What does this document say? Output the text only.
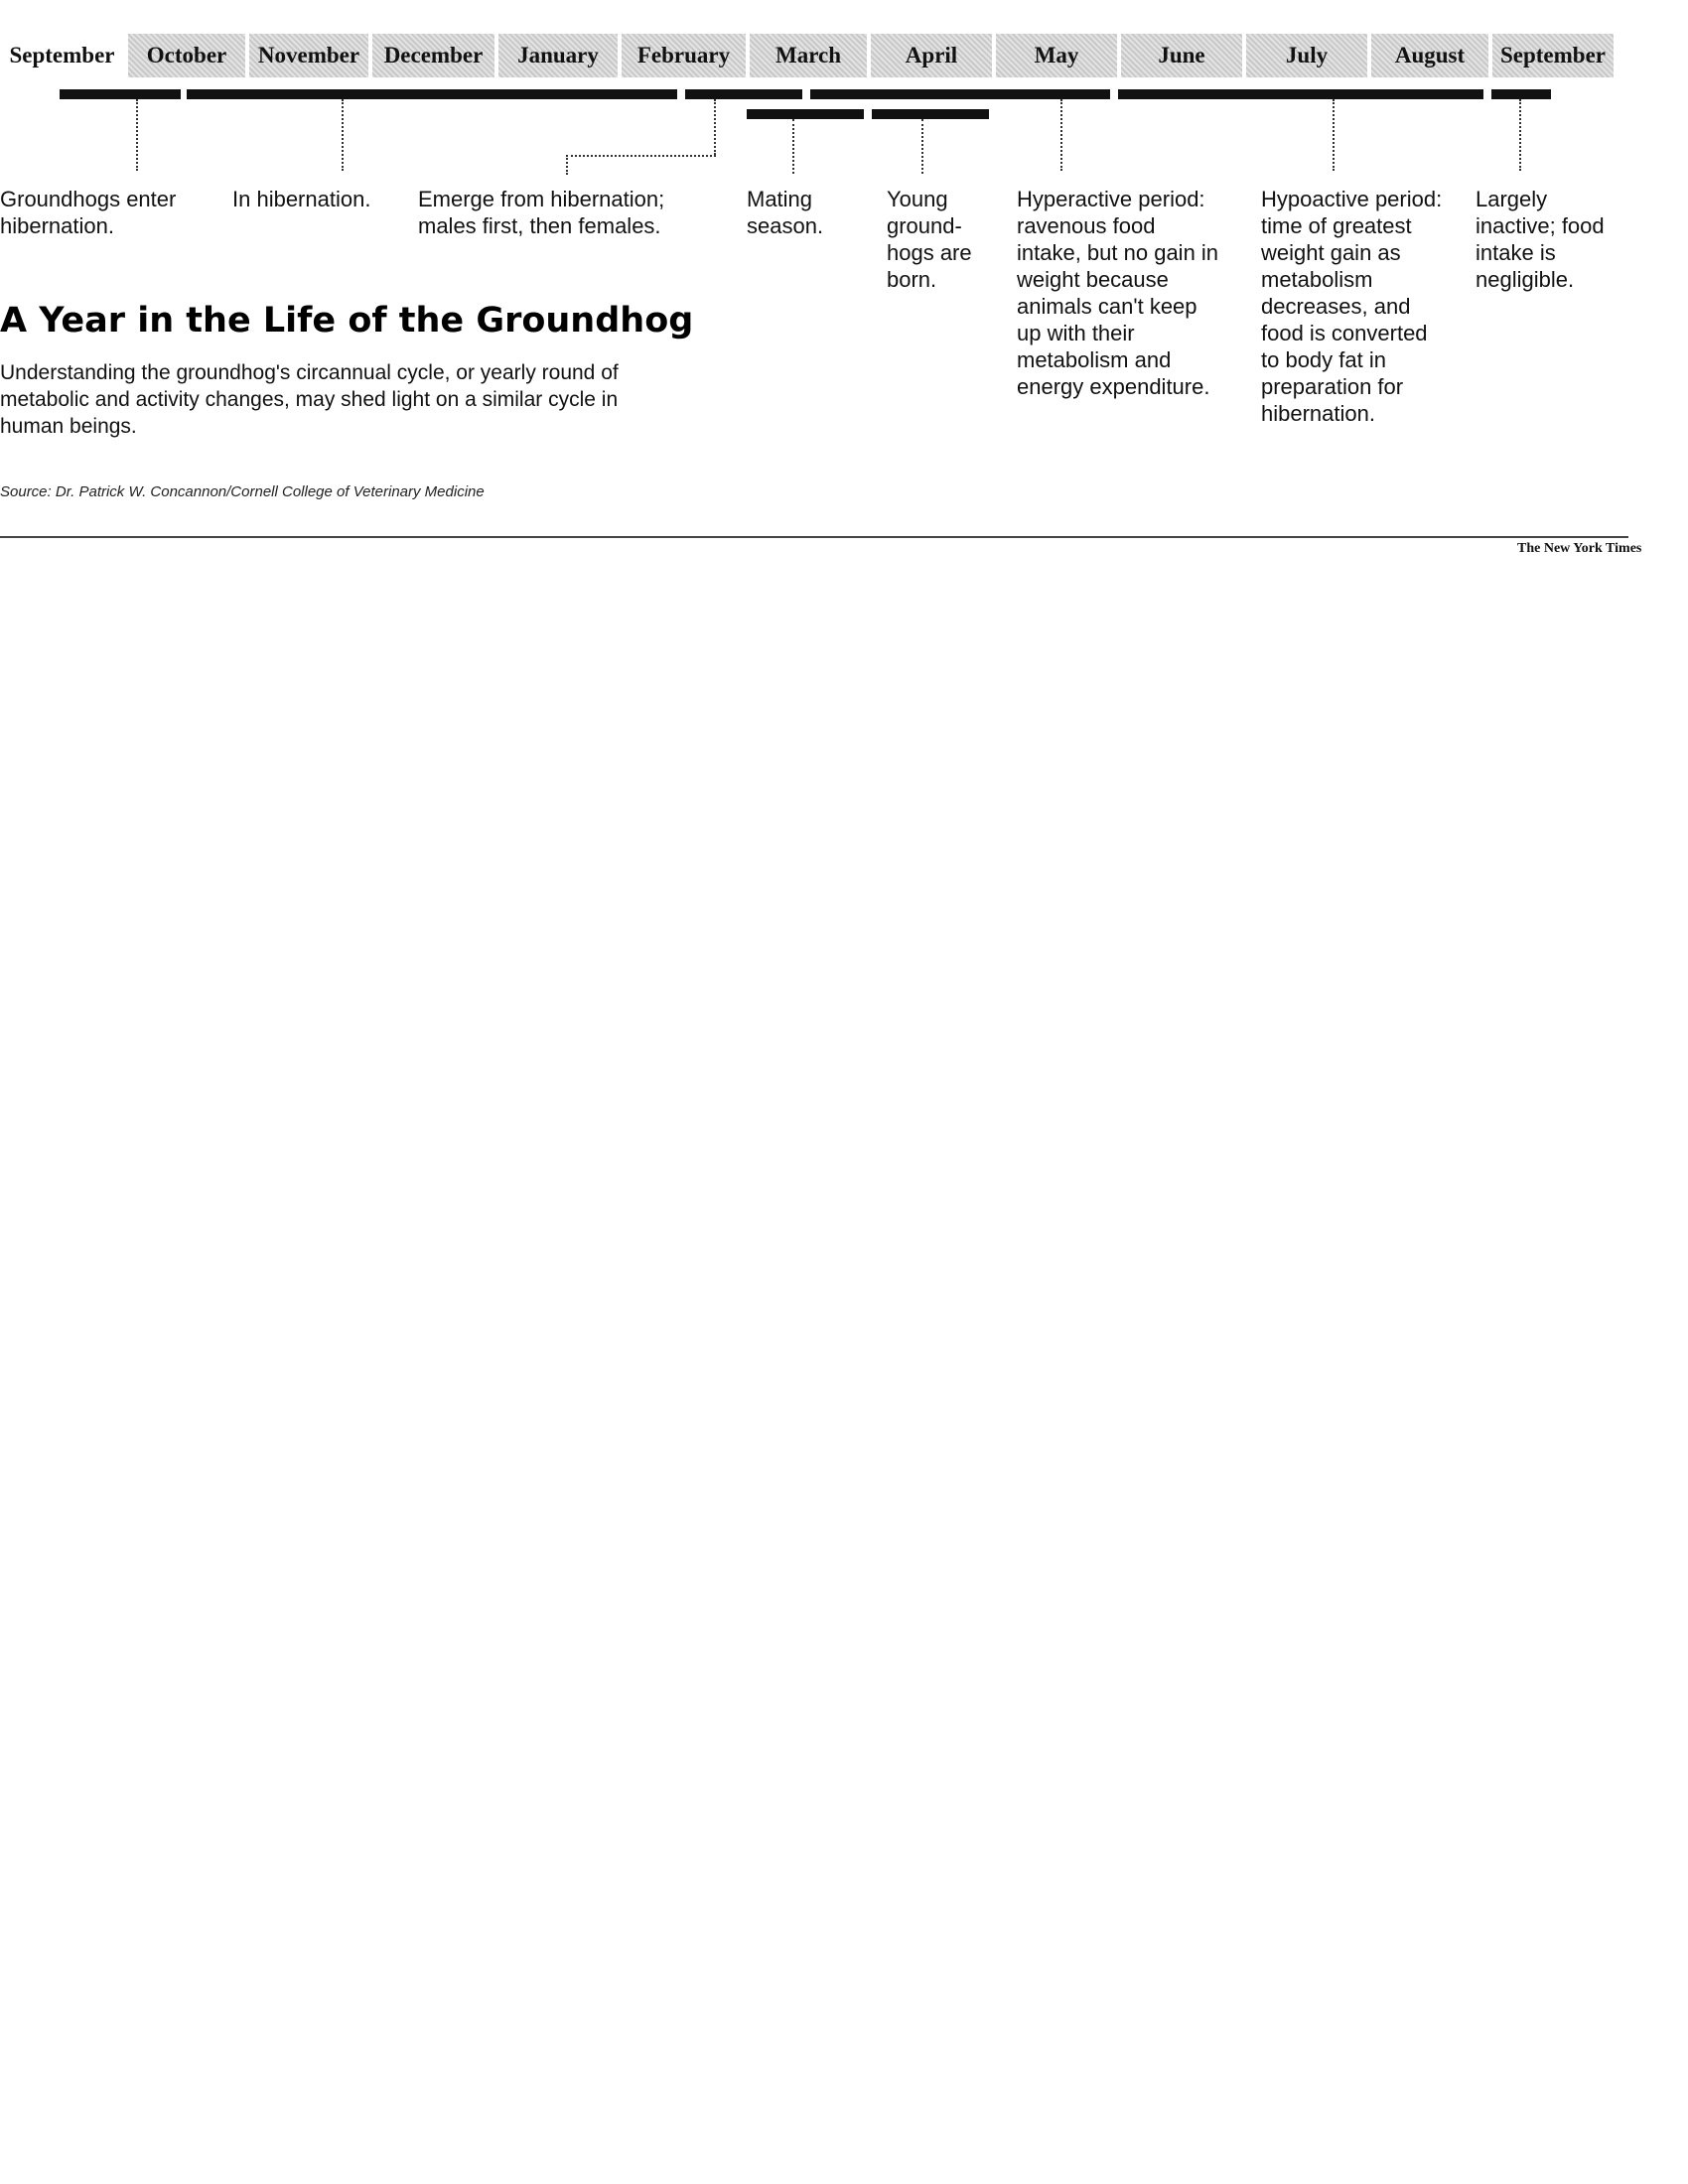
September	October	November	December	January	February	March	April	May	June	July	August	September

Groundhogs enter hibernation.

In hibernation.	Emerge from hibernation; males first, then females.

Mating season.

Young ground- hogs are born.

Hyperactive period: ravenous food intake, but no gain in weight because animals can't keep up with their metabolism and energy expenditure.

Hypoactive period: time of greatest weight gain as metabolism decreases, and food is converted to body fat in preparation for hibernation.

Largely inactive; food intake is negligible.

A Year in the Life of the Groundhog

Understanding the groundhog's circannual cycle, or yearly round of metabolic and activity changes, may shed light on a similar cycle in human beings.

Source: Dr. Patrick W. Concannon/Cornell College of Veterinary Medicine

The New York Times
